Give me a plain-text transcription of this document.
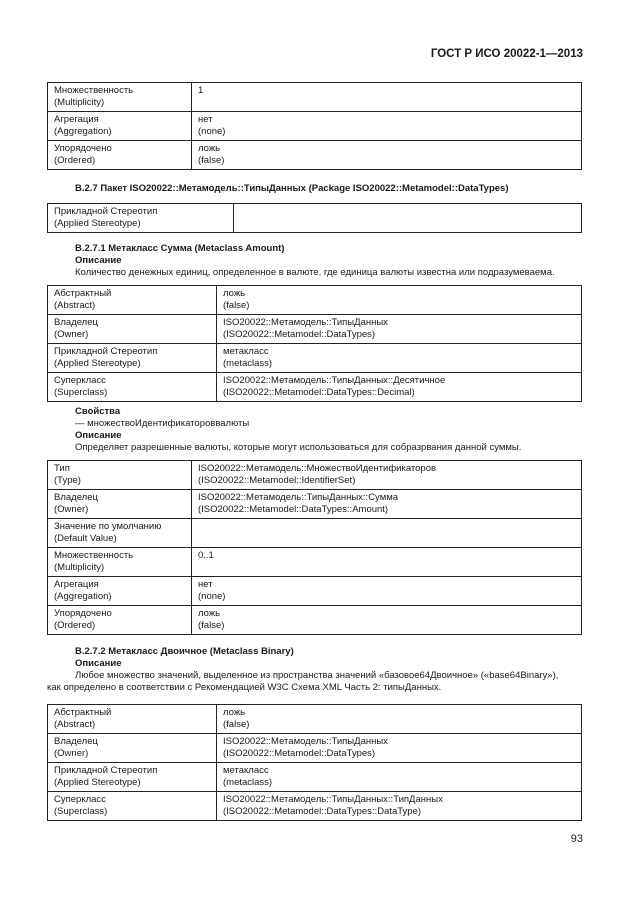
ГОСТ Р ИСО 20022-1—2013
Множественность
(Multiplicity)	1

Агрегация
(Aggregation)	нет
(none)

Упорядочено
(Ordered)	ложь
(false)
В.2.7 Пакет ISO20022::Метамодель::ТипыДанных (Package ISO20022::Metamodel::DataTypes)
Прикладной Стереотип
(Applied Stereotype)

В.2.7.1 Метакласс Сумма (Metaclass Amount)
Описание
Количество денежных единиц, определенное в валюте, где единица валюты известна или подразумеваема.
Абстрактный
(Abstract)	ложь
(false)

Владелец
(Owner)	ISO20022::Метамодель::ТипыДанных
(ISO20022::Metamodel::DataTypes)

Прикладной Стереотип
(Applied Stereotype)	метакласс
(metaclass)

Суперкласс
(Superclass)	ISO20022::Метамодель::ТипыДанных::Десятичное
(ISO20022::Metamodel::DataTypes::Decimal)
Свойства
— множествоИдентификатороввалюты
Описание
Определяет разрешенные валюты, которые могут использоваться для собразрвания данной суммы.
Тип
(Type)	ISO20022::Метамодель::МножествоИдентификаторов
(ISO20022::Metamodel::IdentifierSet)

Владелец
(Owner)	ISO20022::Метамодель::ТипыДанных::Сумма
(ISO20022::Metamodel::DataTypes::Amount)

Значение по умолчанию
(Default Value)	

Множественность
(Multiplicity)	0..1

Агрегация
(Aggregation)	нет
(none)

Упорядочено
(Ordered)	ложь
(false)
В.2.7.2 Метакласс Двоичное (Metaclass Binary)
Описание
Любое множество значений, выделенное из пространства значений «базовое64Двоичное» («base64Binary»),
как определено в соответствии с Рекомендацией W3C Схема XML Часть 2: типыДанных.
Абстрактный
(Abstract)	ложь
(false)

Владелец
(Owner)	ISO20022::Метамодель::ТипыДанных
(ISO20022::Metamodel::DataTypes)

Прикладной Стереотип
(Applied Stereotype)	метакласс
(metaclass)

Суперкласс
(Superclass)	ISO20022::Метамодель::ТипыДанных::ТипДанных
(ISO20022::Metamodel::DataTypes::DataType)
93
